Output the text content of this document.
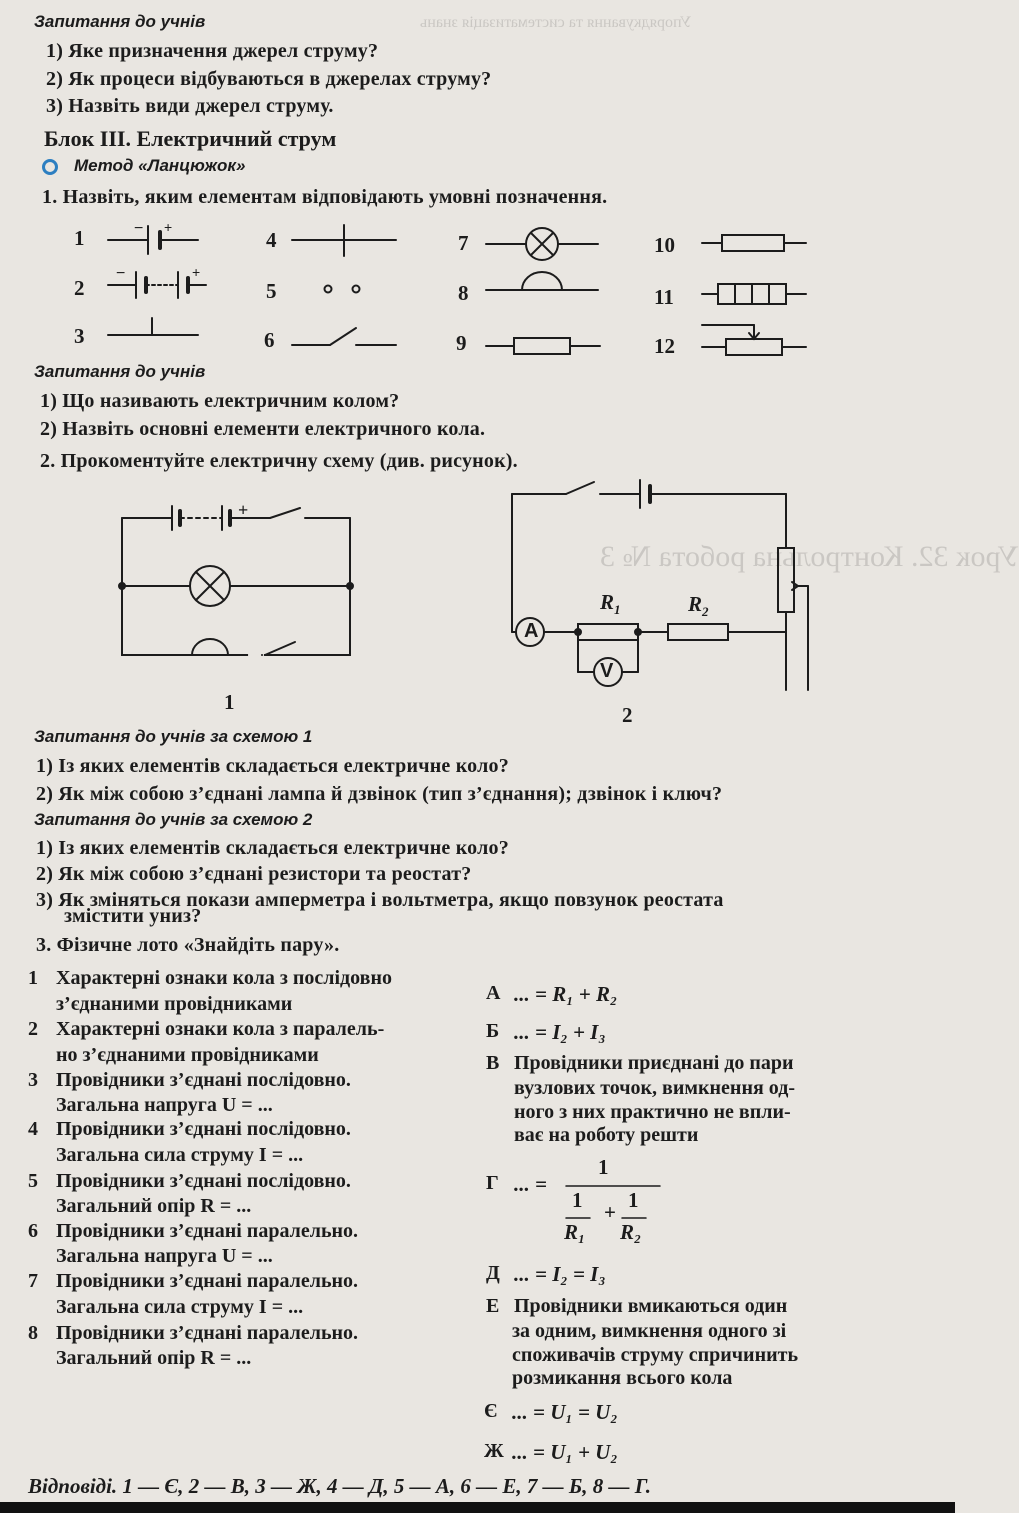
Упорядкування та систематизація знань
Урок 32. Контрольна робота № 3
Запитання до учнів
1) Яке призначення джерел струму?
2) Як процеси відбуваються в джерелах струму?
3) Назвіть види джерел струму.
Блок ІІІ. Електричний струм
Метод «Ланцюжок»
1. Назвіть, яким елементам відповідають умовні позначення.
1	4	7	10
2	5	8	11
3	6	9	12
Запитання до учнів
1) Що називають електричним колом?
2) Назвіть основні елементи електричного кола.
2. Прокоментуйте електричну схему (див. рисунок).
1
2
+
$R_1$	$R_2$
A
V
Запитання до учнів за схемою 1
1) Із яких елементів складається електричне коло?
2) Як між собою з’єднані лампа й дзвінок (тип з’єднання); дзвінок і ключ?
Запитання до учнів за схемою 2
1) Із яких елементів складається електричне коло?
2) Як між собою з’єднані резистори та реостат?
3) Як зміняться покази амперметра і вольтметра, якщо повзунок реостата
змістити униз?
3. Фізичне лото «Знайдіть пару».
1 Характерні ознаки кола з послідовно
з’єднаними провідниками
2 Характерні ознаки кола з паралель-
но з’єднаними провідниками
3 Провідники з’єднані послідовно.
Загальна напруга U = ...
4 Провідники з’єднані послідовно.
Загальна сила струму I = ...
5 Провідники з’єднані послідовно.
Загальний опір R = ...
6 Провідники з’єднані паралельно.
Загальна напруга U = ...
7 Провідники з’єднані паралельно.
Загальна сила струму I = ...
8 Провідники з’єднані паралельно.
Загальний опір R = ...
А ... = R₁ + R₂
Б ... = I₂ + I₃
В Провідники приєднані до пари
вузлових точок, вимкнення од-
ного з них практично не впли-
ває на роботу решти
Г ... =
1
1 1
+
R₁ R₂
Д ... = I₂ = I₃
Е Провідники вмикаються один
за одним, вимкнення одного зі
споживачів струму спричинить
розмикання всього кола
Є ... = U₁ = U₂
Ж ... = U₁ + U₂
Відповіді. 1 — Є, 2 — В, 3 — Ж, 4 — Д, 5 — А, 6 — Е, 7 — Б, 8 — Г.
+
−
−	+
